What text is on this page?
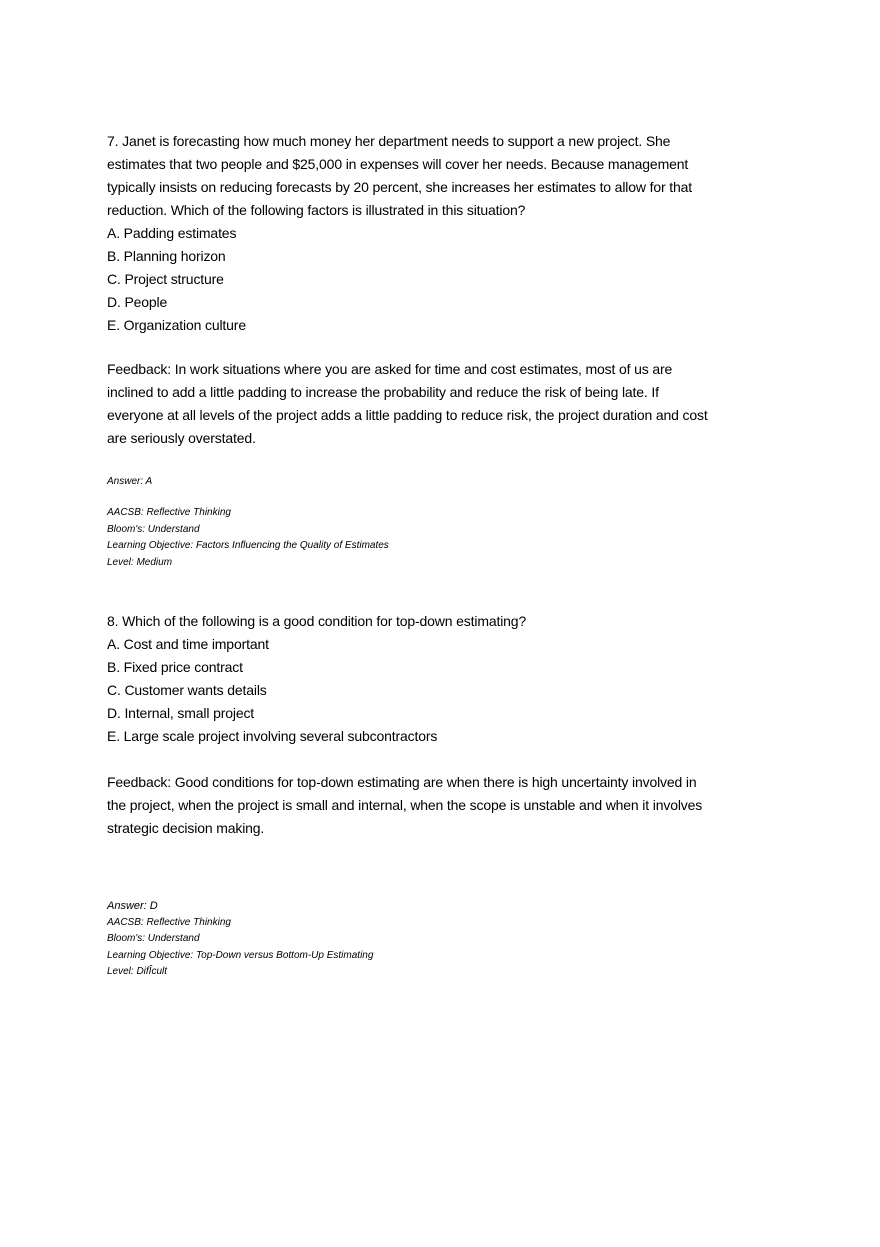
7. Janet is forecasting how much money her department needs to support a new project. She
estimates that two people and $25,000 in expenses will cover her needs. Because management
typically insists on reducing forecasts by 20 percent, she increases her estimates to allow for that
reduction. Which of the following factors is illustrated in this situation?
A. Padding estimates
B. Planning horizon
C. Project structure
D. People
E. Organization culture
Feedback: In work situations where you are asked for time and cost estimates, most of us are
inclined to add a little padding to increase the probability and reduce the risk of being late. If
everyone at all levels of the project adds a little padding to reduce risk, the project duration and cost
are seriously overstated.
Answer: A
AACSB: Reflective Thinking
Bloom's: Understand
Learning Objective: Factors Influencing the Quality of Estimates
Level: Medium
8. Which of the following is a good condition for top-down estimating?
A. Cost and time important
B. Fixed price contract
C. Customer wants details
D. Internal, small project
E. Large scale project involving several subcontractors
Feedback: Good conditions for top-down estimating are when there is high uncertainty involved in
the project, when the project is small and internal, when the scope is unstable and when it involves
strategic decision making.
Answer: D
AACSB: Reflective Thinking
Bloom's: Understand
Learning Objective: Top-Down versus Bottom-Up Estimating
Level: DifÎcult
